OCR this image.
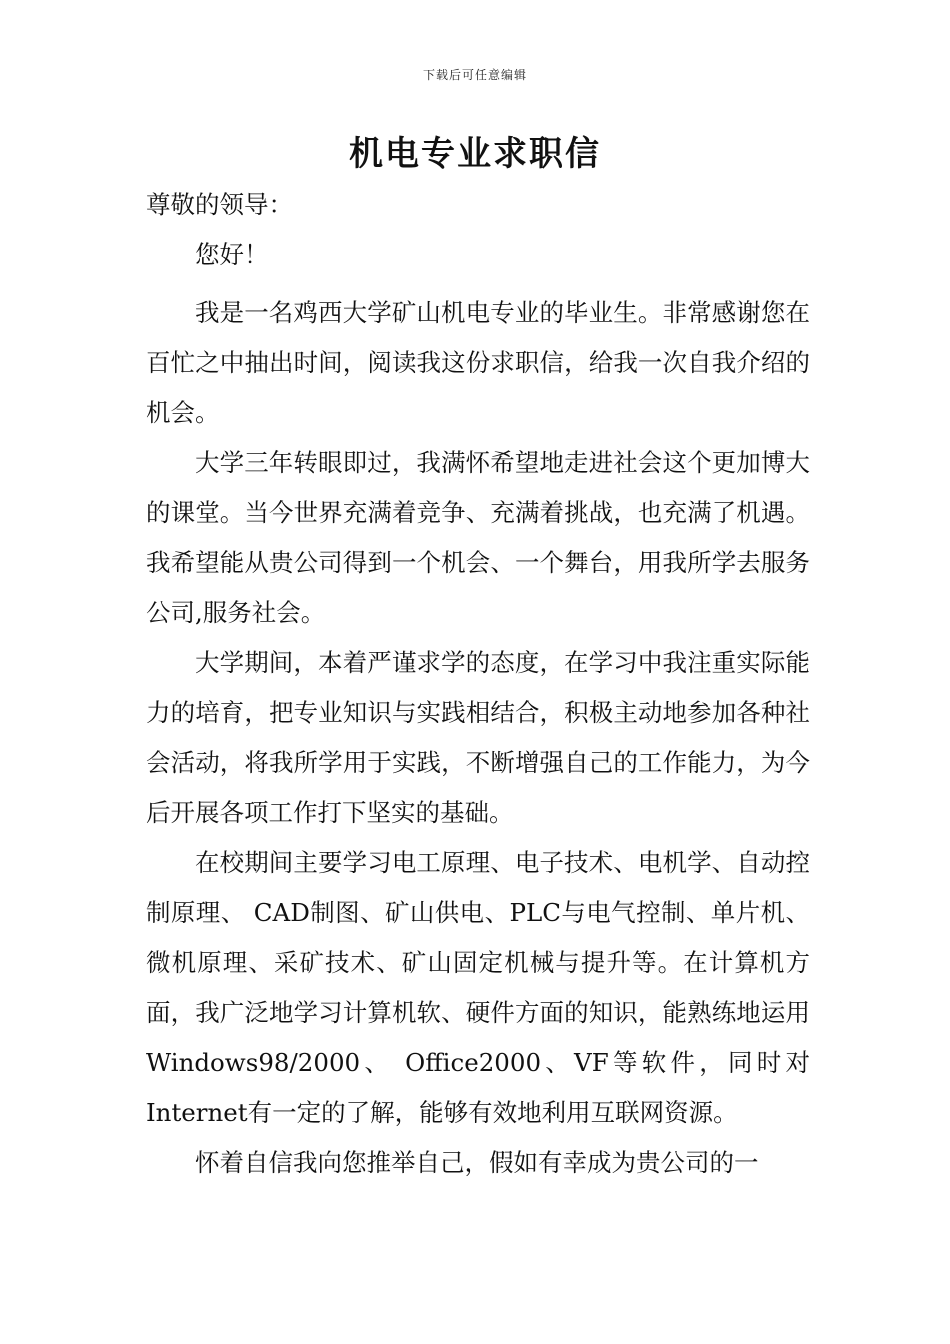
下载后可任意编辑
机电专业求职信

尊敬的领导：

您好！

我是一名鸡西大学矿山机电专业的毕业生。非常感谢您在百忙之中抽出时间，阅读我这份求职信，给我一次自我介绍的机会。

大学三年转眼即过，我满怀希望地走进社会这个更加博大的课堂。当今世界充满着竞争、充满着挑战，也充满了机遇。我希望能从贵公司得到一个机会、一个舞台，用我所学去服务公司,服务社会。

大学期间，本着严谨求学的态度，在学习中我注重实际能力的培育，把专业知识与实践相结合，积极主动地参加各种社会活动，将我所学用于实践，不断增强自己的工作能力，为今后开展各项工作打下坚实的基础。

在校期间主要学习电工原理、电子技术、电机学、自动控制原理、 CAD制图、矿山供电、PLC与电气控制、单片机、微机原理、采矿技术、矿山固定机械与提升等。在计算机方面，我广泛地学习计算机软、硬件方面的知识，能熟练地运用 Windows98/2000、 Office2000、VF等软件，同时对Internet有一定的了解，能够有效地利用互联网资源。

怀着自信我向您推举自己，假如有幸成为贵公司的一
